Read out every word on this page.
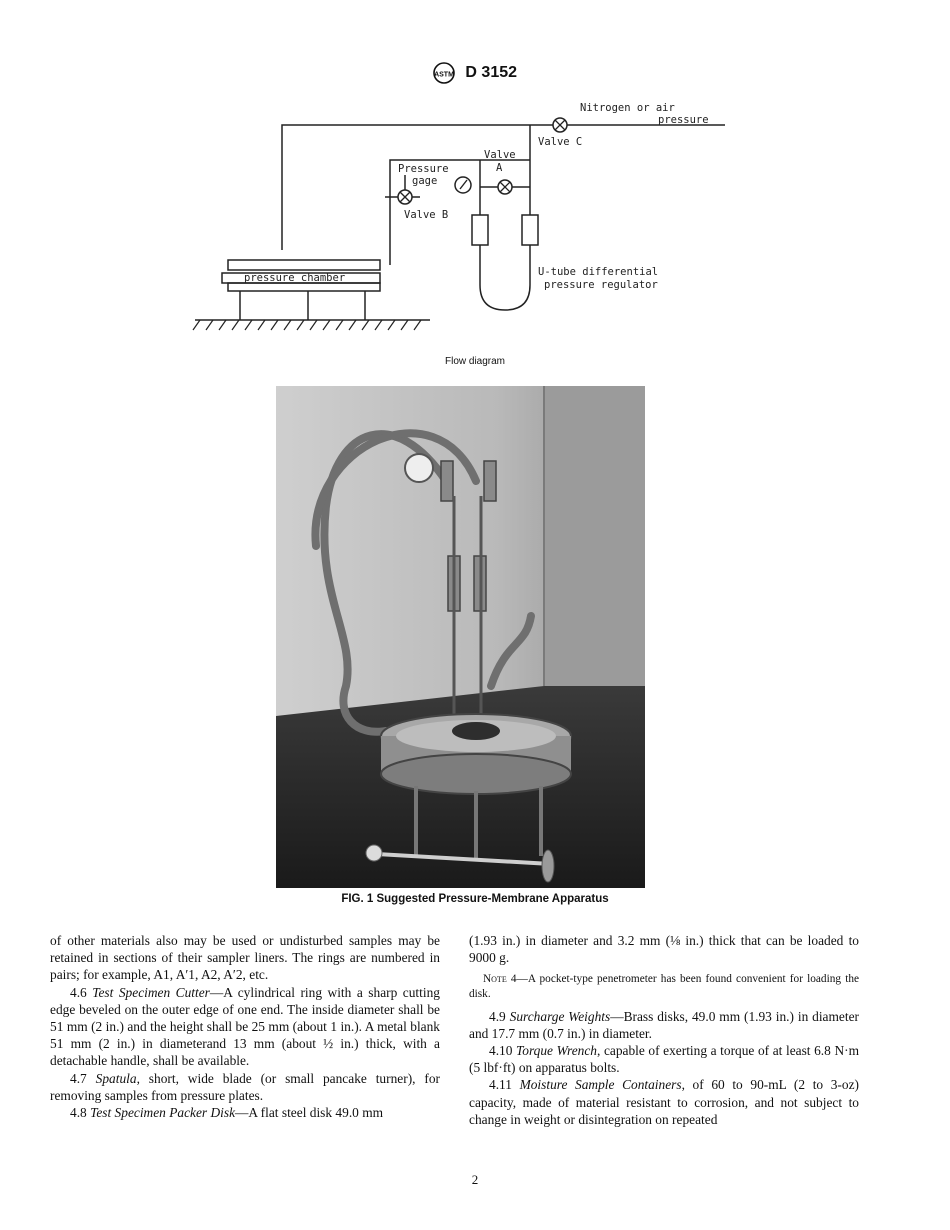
ASTM D 3152
Nitrogen or air
pressure
Valve C
Valve
A
Pressure
gage
Valve B
pressure chamber	U-tube differential
pressure regulator
Flow diagram
FIG. 1 Suggested Pressure-Membrane Apparatus

of other materials also may be used or undisturbed samples may be retained in sections of their sampler liners. The rings are numbered in pairs; for example, A1, A′1, A2, A′2, etc.

4.6 Test Specimen Cutter—A cylindrical ring with a sharp cutting edge beveled on the outer edge of one end. The inside diameter shall be 51 mm (2 in.) and the height shall be 25 mm (about 1 in.). A metal blank 51 mm (2 in.) in diameterand 13 mm (about ½ in.) thick, with a detachable handle, shall be available.

4.7 Spatula, short, wide blade (or small pancake turner), for removing samples from pressure plates.

4.8 Test Specimen Packer Disk—A flat steel disk 49.0 mm

(1.93 in.) in diameter and 3.2 mm (⅛ in.) thick that can be loaded to 9000 g.

Note 4—A pocket-type penetrometer has been found convenient for loading the disk.

4.9 Surcharge Weights—Brass disks, 49.0 mm (1.93 in.) in diameter and 17.7 mm (0.7 in.) in diameter.

4.10 Torque Wrench, capable of exerting a torque of at least 6.8 N·m (5 lbf·ft) on apparatus bolts.

4.11 Moisture Sample Containers, of 60 to 90-mL (2 to 3-oz) capacity, made of material resistant to corrosion, and not subject to change in weight or disintegration on repeated

2
